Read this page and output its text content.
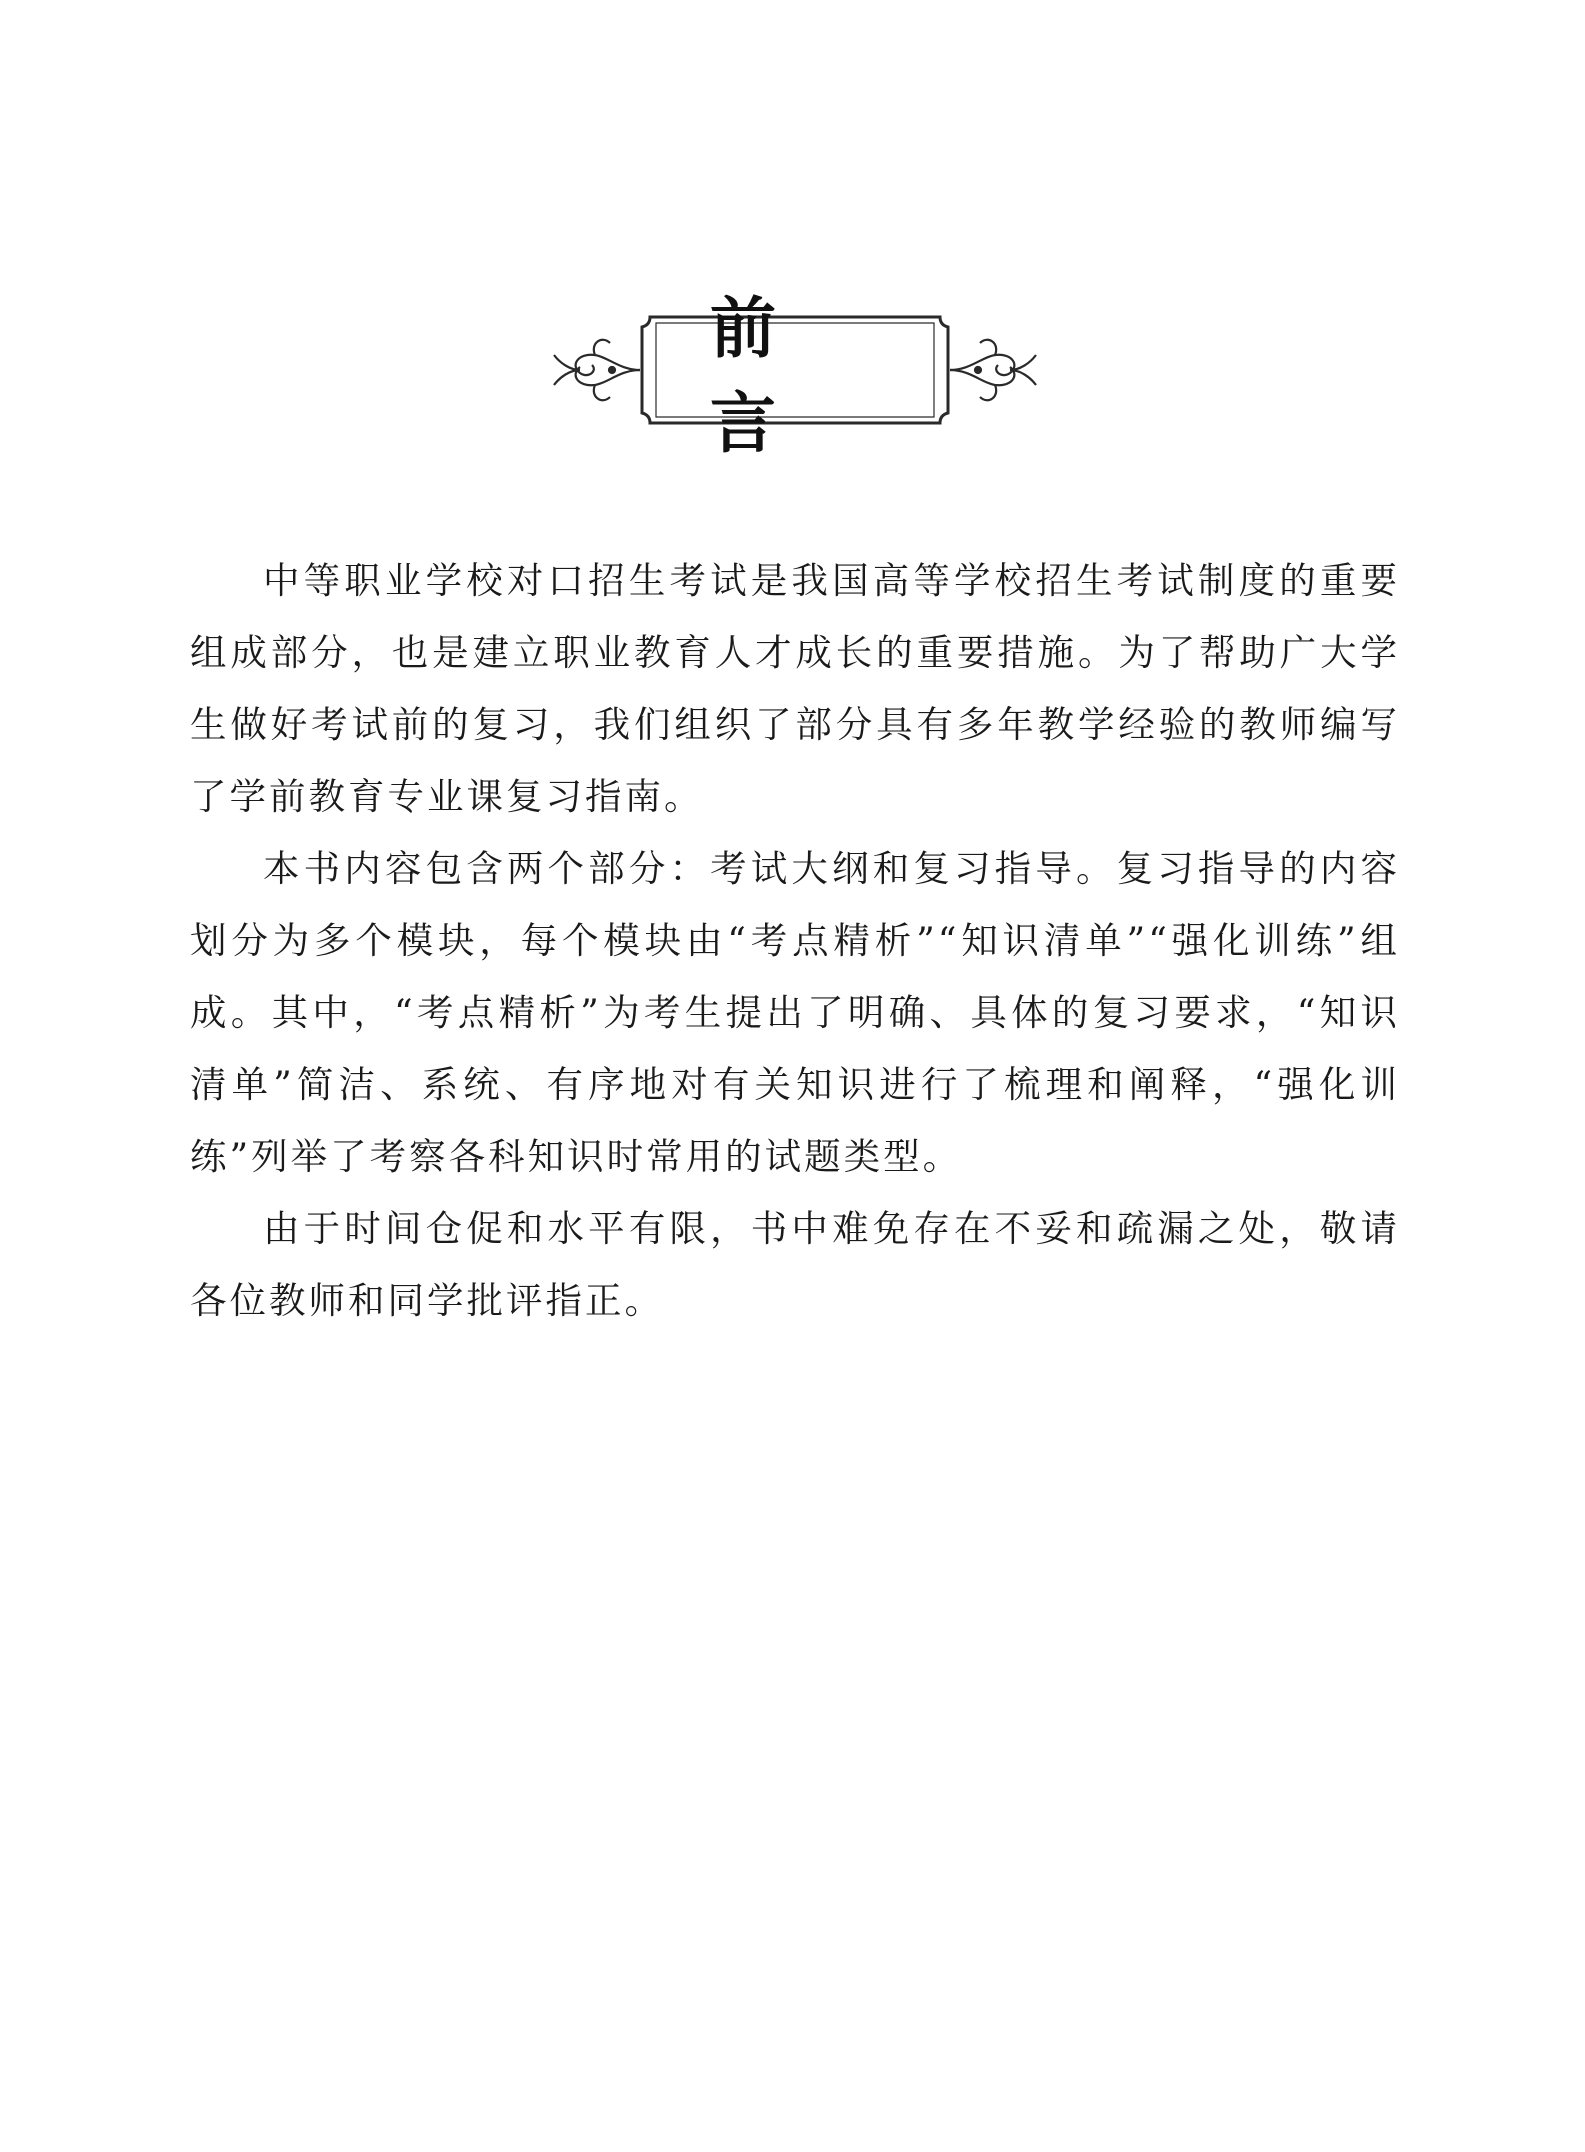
前言

中等职业学校对口招生考试是我国高等学校招生考试制度的重要组成部分，也是建立职业教育人才成长的重要措施。为了帮助广大学生做好考试前的复习，我们组织了部分具有多年教学经验的教师编写了学前教育专业课复习指南。

本书内容包含两个部分：考试大纲和复习指导。复习指导的内容划分为多个模块，每个模块由“考点精析”“知识清单”“强化训练”组成。其中，“考点精析”为考生提出了明确、具体的复习要求，“知识清单”简洁、系统、有序地对有关知识进行了梳理和阐释，“强化训练”列举了考察各科知识时常用的试题类型。

由于时间仓促和水平有限，书中难免存在不妥和疏漏之处，敬请各位教师和同学批评指正。
